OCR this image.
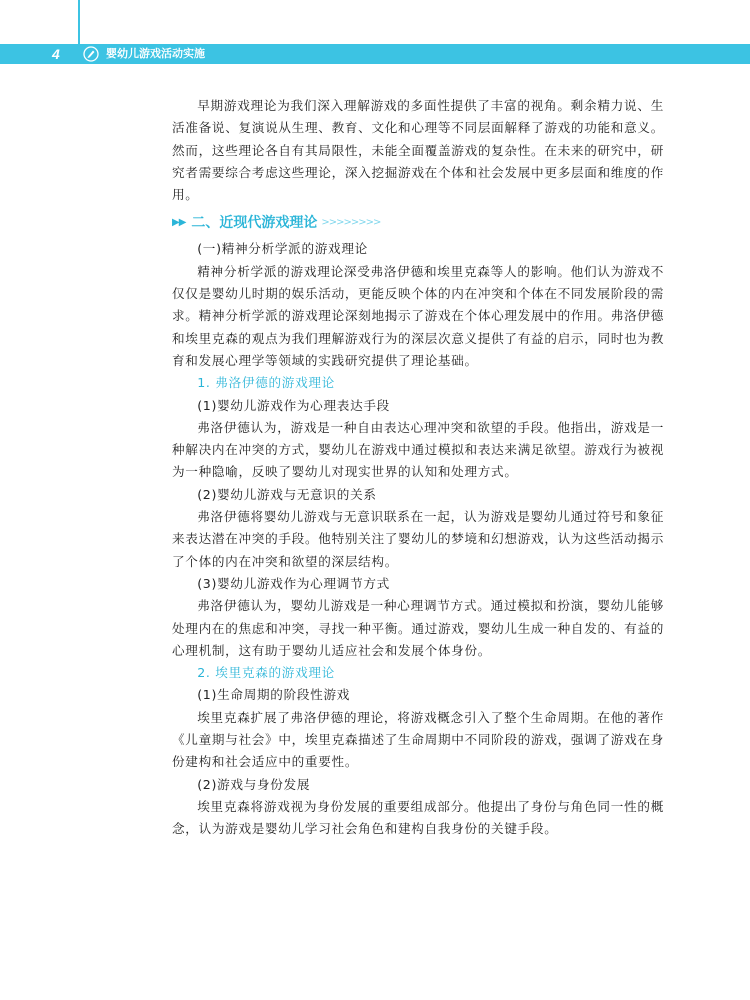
4	婴幼儿游戏活动实施

早期游戏理论为我们深入理解游戏的多面性提供了丰富的视角。剩余精力说、生活准备说、复演说从生理、教育、文化和心理等不同层面解释了游戏的功能和意义。然而，这些理论各自有其局限性，未能全面覆盖游戏的复杂性。在未来的研究中，研究者需要综合考虑这些理论，深入挖掘游戏在个体和社会发展中更多层面和维度的作用。

▶▶ 二、近现代游戏理论 >>>>>>>>
(一)精神分析学派的游戏理论

精神分析学派的游戏理论深受弗洛伊德和埃里克森等人的影响。他们认为游戏不仅仅是婴幼儿时期的娱乐活动，更能反映个体的内在冲突和个体在不同发展阶段的需求。精神分析学派的游戏理论深刻地揭示了游戏在个体心理发展中的作用。弗洛伊德和埃里克森的观点为我们理解游戏行为的深层次意义提供了有益的启示，同时也为教育和发展心理学等领域的实践研究提供了理论基础。

1. 弗洛伊德的游戏理论
(1)婴幼儿游戏作为心理表达手段

弗洛伊德认为，游戏是一种自由表达心理冲突和欲望的手段。他指出，游戏是一种解决内在冲突的方式，婴幼儿在游戏中通过模拟和表达来满足欲望。游戏行为被视为一种隐喻，反映了婴幼儿对现实世界的认知和处理方式。

(2)婴幼儿游戏与无意识的关系

弗洛伊德将婴幼儿游戏与无意识联系在一起，认为游戏是婴幼儿通过符号和象征来表达潜在冲突的手段。他特别关注了婴幼儿的梦境和幻想游戏，认为这些活动揭示了个体的内在冲突和欲望的深层结构。

(3)婴幼儿游戏作为心理调节方式

弗洛伊德认为，婴幼儿游戏是一种心理调节方式。通过模拟和扮演，婴幼儿能够处理内在的焦虑和冲突，寻找一种平衡。通过游戏，婴幼儿生成一种自发的、有益的心理机制，这有助于婴幼儿适应社会和发展个体身份。

2. 埃里克森的游戏理论
(1)生命周期的阶段性游戏

埃里克森扩展了弗洛伊德的理论，将游戏概念引入了整个生命周期。在他的著作《儿童期与社会》中，埃里克森描述了生命周期中不同阶段的游戏，强调了游戏在身份建构和社会适应中的重要性。

(2)游戏与身份发展

埃里克森将游戏视为身份发展的重要组成部分。他提出了身份与角色同一性的概念，认为游戏是婴幼儿学习社会角色和建构自我身份的关键手段。
